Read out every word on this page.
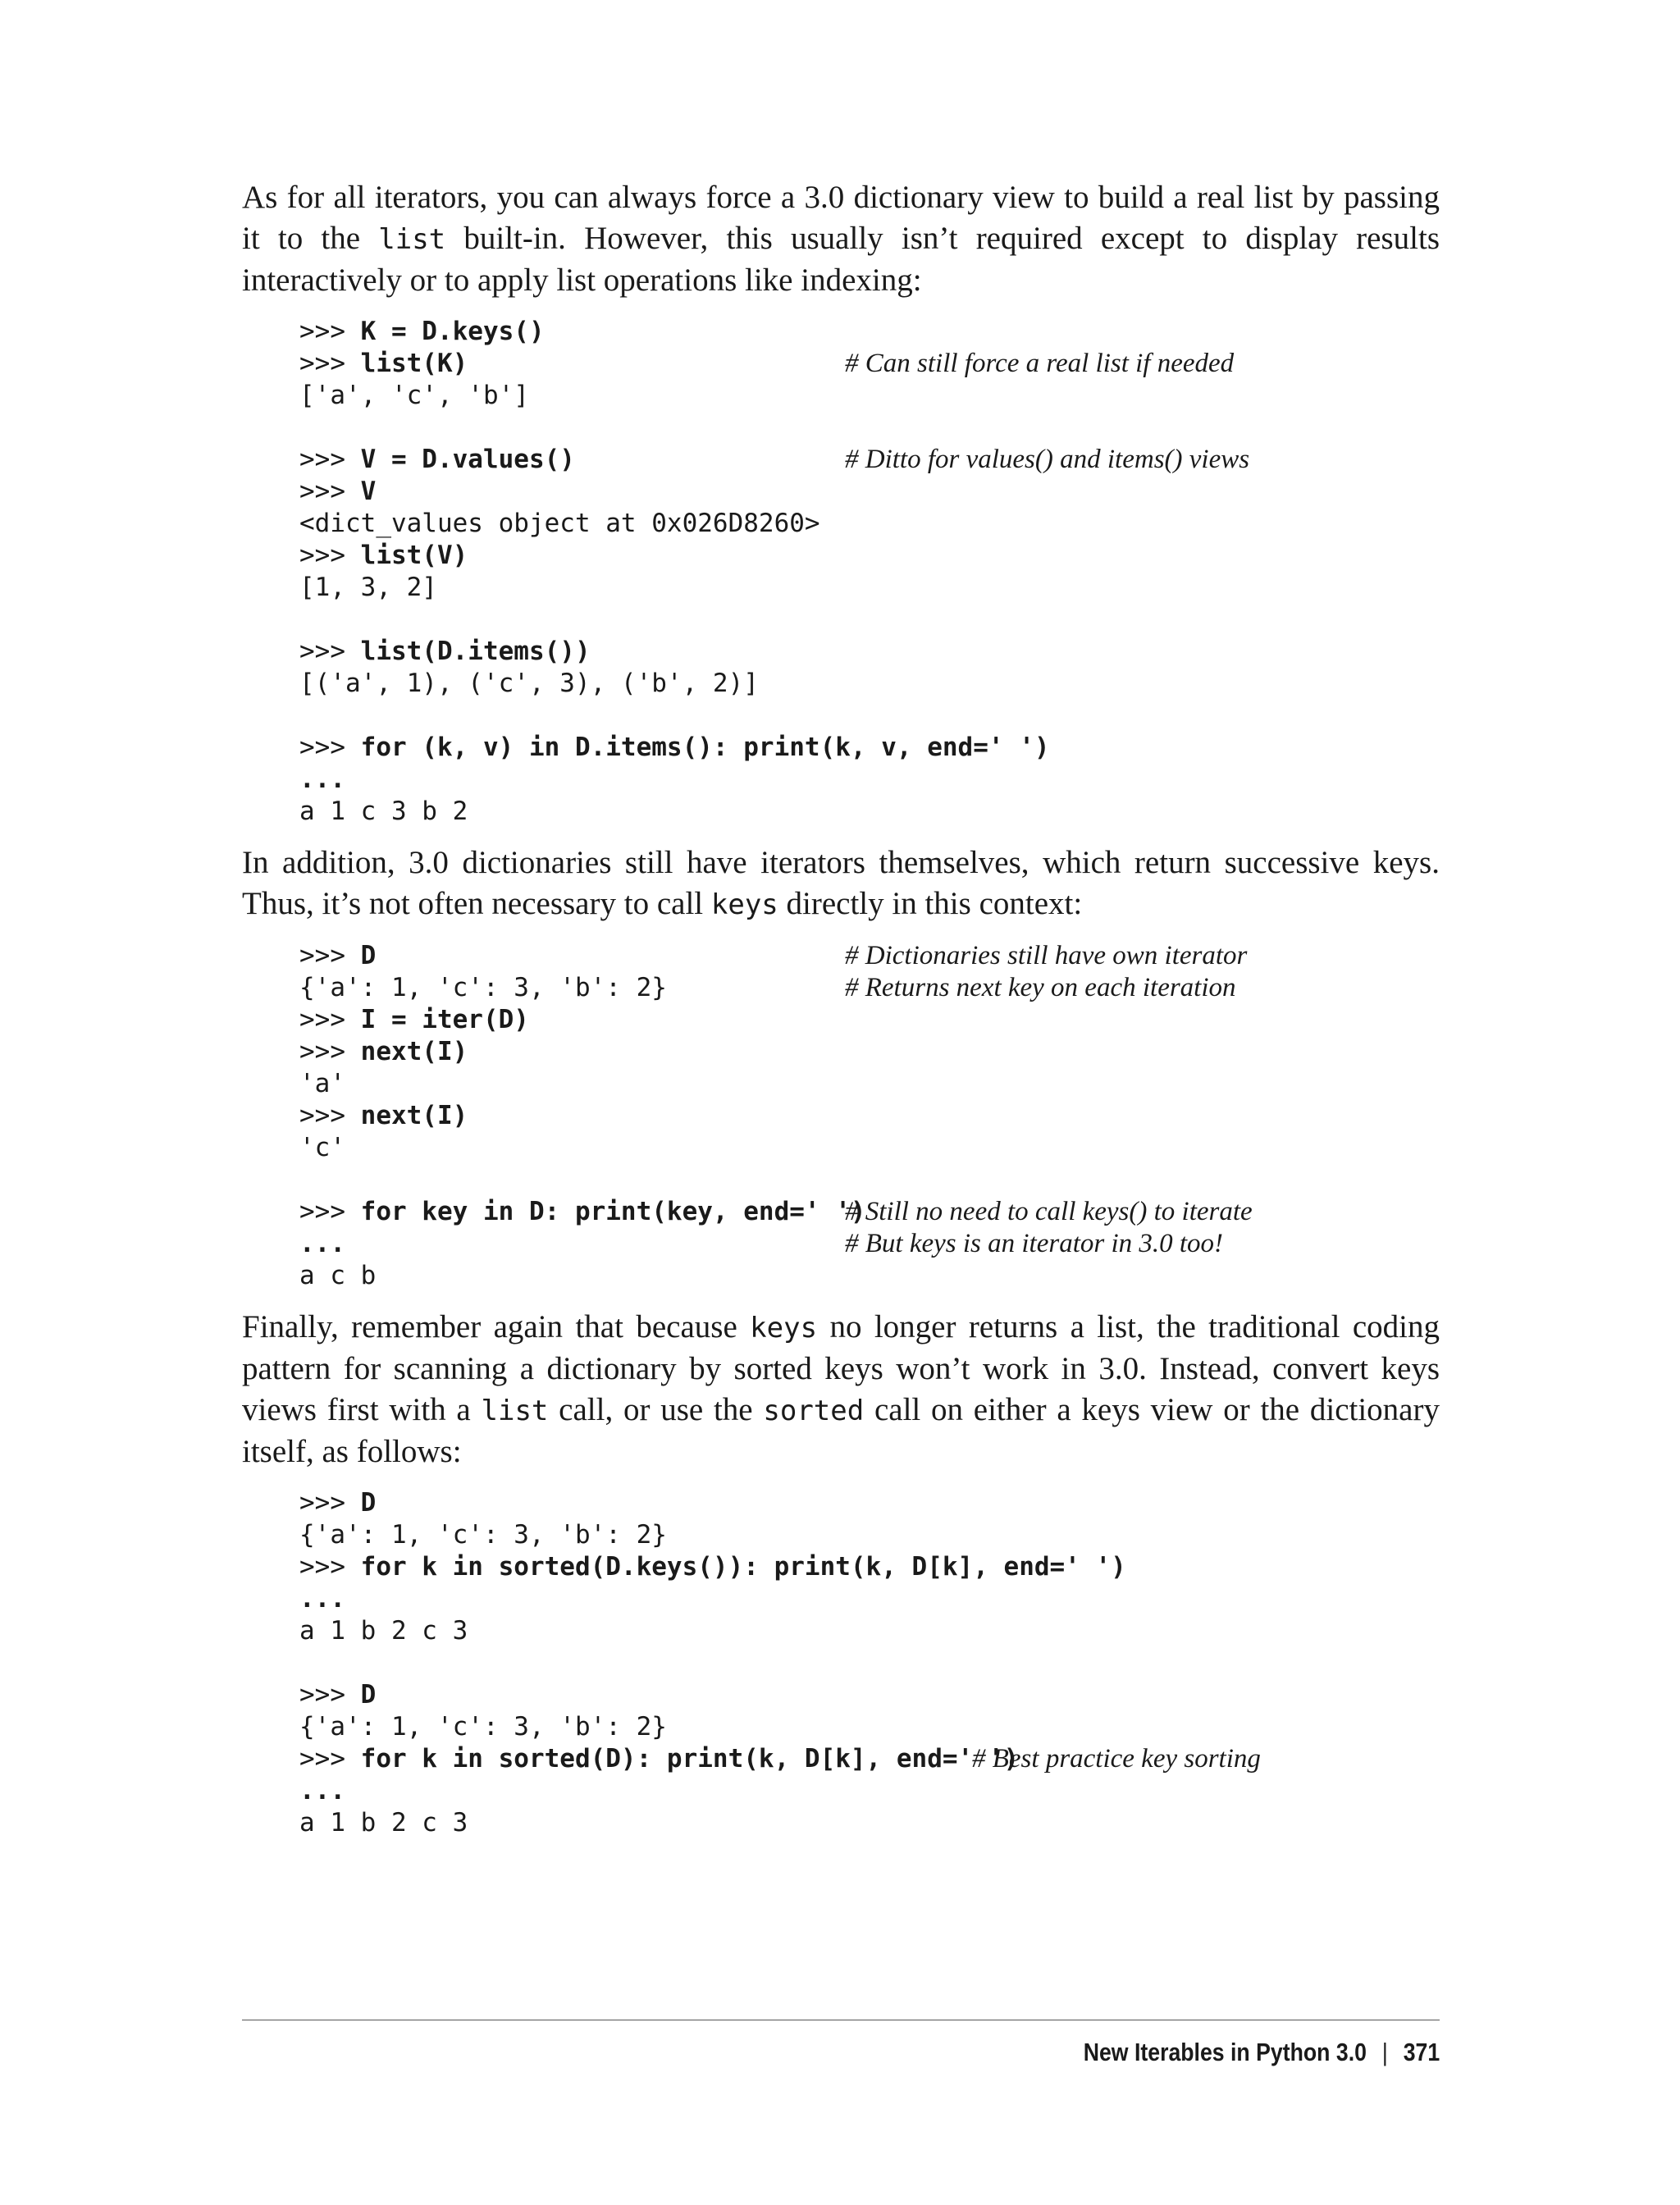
As for all iterators, you can always force a 3.0 dictionary view to build a real list by passing it to the list built-in. However, this usually isn’t required except to display results interactively or to apply list operations like indexing:

>>> K = D.keys()
>>> list(K)	# Can still force a real list if needed
['a', 'c', 'b']
>>> V = D.values()	# Ditto for values() and items() views
>>> V
<dict_values object at 0x026D8260>
>>> list(V)
[1, 3, 2]
>>> list(D.items())
[('a', 1), ('c', 3), ('b', 2)]
>>> for (k, v) in D.items(): print(k, v, end=' ')
...
a 1 c 3 b 2

In addition, 3.0 dictionaries still have iterators themselves, which return successive keys. Thus, it’s not often necessary to call keys directly in this context:

>>> D	# Dictionaries still have own iterator
{'a': 1, 'c': 3, 'b': 2}	# Returns next key on each iteration
>>> I = iter(D)
>>> next(I)
'a'
>>> next(I)
'c'
>>> for key in D: print(key, end=' ')
# Still no need to call keys() to iterate
...	# But keys is an iterator in 3.0 too!
a c b

Finally, remember again that because keys no longer returns a list, the traditional coding pattern for scanning a dictionary by sorted keys won’t work in 3.0. Instead, convert keys views first with a list call, or use the sorted call on either a keys view or the dictionary itself, as follows:

>>> D
{'a': 1, 'c': 3, 'b': 2}
>>> for k in sorted(D.keys()): print(k, D[k], end=' ')
...
a 1 b 2 c 3
>>> D
{'a': 1, 'c': 3, 'b': 2}
>>> for k in sorted(D): print(k, D[k], end=' ')
# Best practice key sorting
...
a 1 b 2 c 3
New Iterables in Python 3.0 | 371
